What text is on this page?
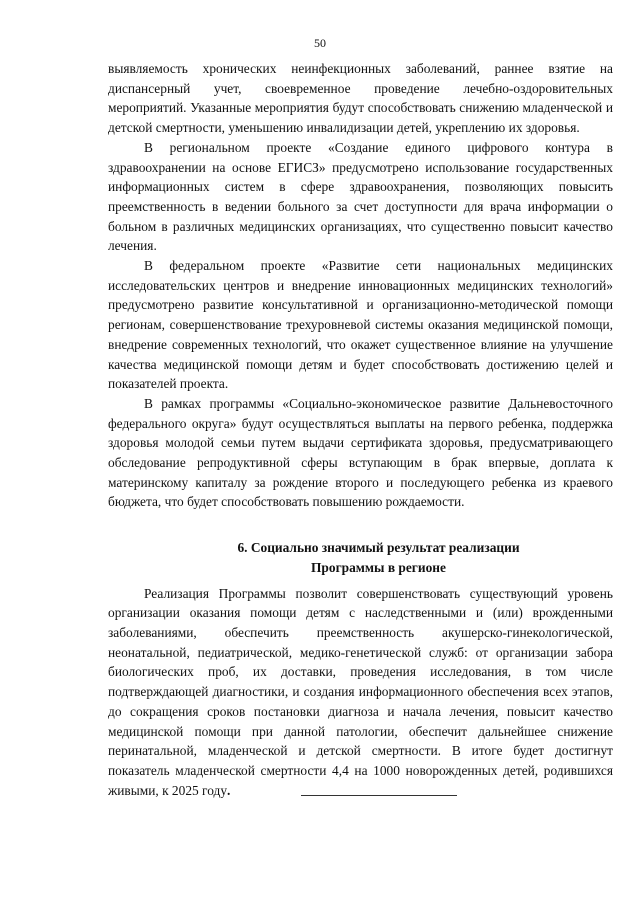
50

выявляемость хронических неинфекционных заболеваний, раннее взятие на диспансерный учет, своевременное проведение лечебно-оздоровительных мероприятий. Указанные мероприятия будут способствовать снижению младенческой и детской смертности, уменьшению инвалидизации детей, укреплению их здоровья.

В региональном проекте «Создание единого цифрового контура в здравоохранении на основе ЕГИСЗ» предусмотрено использование государственных информационных систем в сфере здравоохранения, позволяющих повысить преемственность в ведении больного за счет доступности для врача информации о больном в различных медицинских организациях, что существенно повысит качество лечения.

В федеральном проекте «Развитие сети национальных медицинских исследовательских центров и внедрение инновационных медицинских технологий» предусмотрено развитие консультативной и организационно-методической помощи регионам, совершенствование трехуровневой системы оказания медицинской помощи, внедрение современных технологий, что окажет существенное влияние на улучшение качества медицинской помощи детям и будет способствовать достижению целей и показателей проекта.

В рамках программы «Социально-экономическое развитие Дальневосточного федерального округа» будут осуществляться выплаты на первого ребенка, поддержка здоровья молодой семьи путем выдачи сертификата здоровья, предусматривающего обследование репродуктивной сферы вступающим в брак впервые, доплата к материнскому капиталу за рождение второго и последующего ребенка из краевого бюджета, что будет способствовать повышению рождаемости.

6. Социально значимый результат реализации
Программы в регионе

Реализация Программы позволит совершенствовать существующий уровень организации оказания помощи детям с наследственными и (или) врожденными заболеваниями, обеспечить преемственность акушерско-гинекологической, неонатальной, педиатрической, медико-генетической служб: от организации забора биологических проб, их доставки, проведения исследования, в том числе подтверждающей диагностики, и создания информационного обеспечения всех этапов, до сокращения сроков постановки диагноза и начала лечения, повысит качество медицинской помощи при данной патологии, обеспечит дальнейшее снижение перинатальной, младенческой и детской смертности. В итоге будет достигнут показатель младенческой смертности 4,4 на 1000 новорожденных детей, родившихся живыми, к 2025 году.
